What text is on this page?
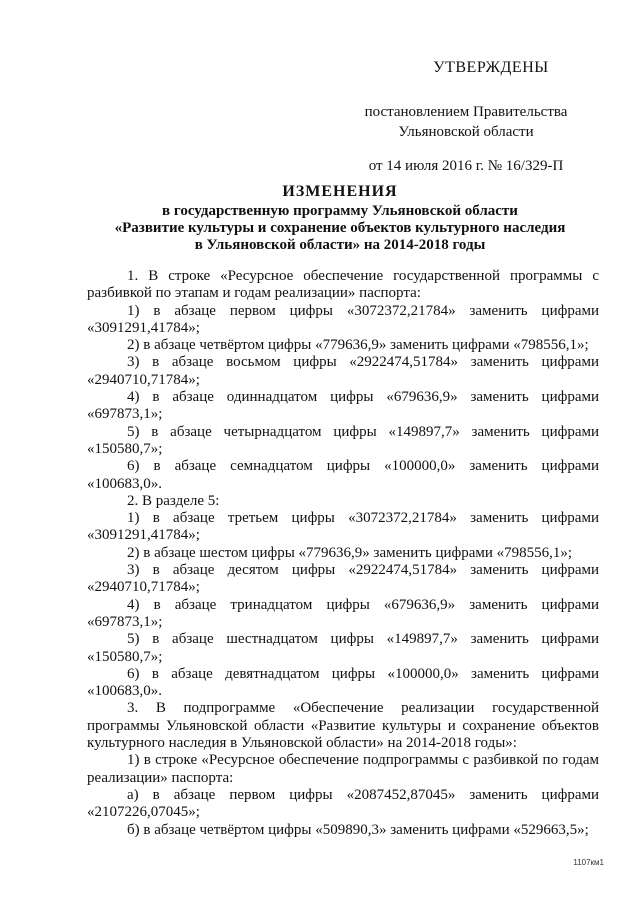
УТВЕРЖДЕНЫ
постановлением Правительства
Ульяновской области
от 14 июля 2016 г. № 16/329-П
ИЗМЕНЕНИЯ
в государственную программу Ульяновской области
«Развитие культуры и сохранение объектов культурного наследия
в Ульяновской области» на 2014-2018 годы

1. В строке «Ресурсное обеспечение государственной программы с разбивкой по этапам и годам реализации» паспорта:

1) в абзаце первом цифры «3072372,21784» заменить цифрами «3091291,41784»;

2) в абзаце четвёртом цифры «779636,9» заменить цифрами «798556,1»;

3) в абзаце восьмом цифры «2922474,51784» заменить цифрами «2940710,71784»;

4) в абзаце одиннадцатом цифры «679636,9» заменить цифрами «697873,1»;

5) в абзаце четырнадцатом цифры «149897,7» заменить цифрами «150580,7»;

6) в абзаце семнадцатом цифры «100000,0» заменить цифрами «100683,0».

2. В разделе 5:

1) в абзаце третьем цифры «3072372,21784» заменить цифрами «3091291,41784»;

2) в абзаце шестом цифры «779636,9» заменить цифрами «798556,1»;

3) в абзаце десятом цифры «2922474,51784» заменить цифрами «2940710,71784»;

4) в абзаце тринадцатом цифры «679636,9» заменить цифрами «697873,1»;

5) в абзаце шестнадцатом цифры «149897,7» заменить цифрами «150580,7»;

6) в абзаце девятнадцатом цифры «100000,0» заменить цифрами «100683,0».

3. В подпрограмме «Обеспечение реализации государственной программы Ульяновской области «Развитие культуры и сохранение объектов культурного наследия в Ульяновской области» на 2014-2018 годы»:

1) в строке «Ресурсное обеспечение подпрограммы с разбивкой по годам реализации» паспорта:

а) в абзаце первом цифры «2087452,87045» заменить цифрами «2107226,07045»;

б) в абзаце четвёртом цифры «509890,3» заменить цифрами «529663,5»;

1107км1
